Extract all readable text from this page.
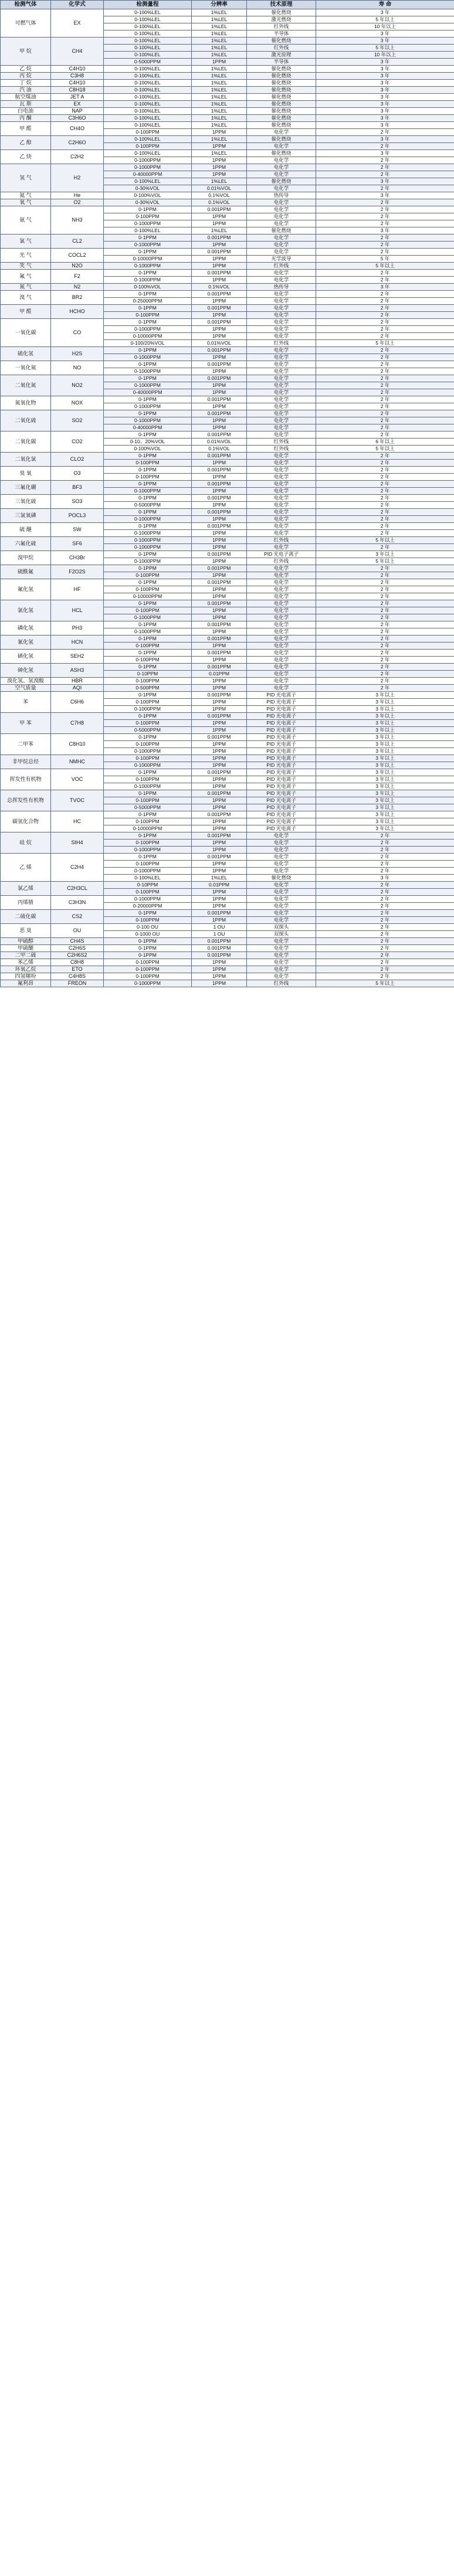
检测气体	化学式	检测量程	分辨率	技术原理	寿 命
可燃气体	EX	0-100%LEL	1%LEL	催化燃烧	3 年
		0-100%LEL	1%LEL	激光燃烧	5 年以上
		0-100%LEL	1%LEL	红外线	10 年以上
		0-100%LEL	1%LEL	半导体	3 年
甲 烷	CH4	0-100%LEL	1%LEL	催化燃烧	3 年
		0-100%LEL	1%LEL	红外线	5 年以上
		0-100%LEL	1%LEL	激光原理	10 年以上
		0-5000PPM	1PPM	半导体	3 年
乙 烷	C4H10	0-100%LEL	1%LEL	催化燃烧	3 年
丙 烷	C3H8	0-100%LEL	1%LEL	催化燃烧	3 年
丁 烷	C4H10	0-100%LEL	1%LEL	催化燃烧	3 年
汽 油	C8H18	0-100%LEL	1%LEL	催化燃烧	3 年
航空煤油	JET A	0-100%LEL	1%LEL	催化燃烧	3 年
瓦 斯	EX	0-100%LEL	1%LEL	催化燃烧	3 年
白电油	NAP	0-100%LEL	1%LEL	催化燃烧	3 年
丙 酮	C3H6O	0-100%LEL	1%LEL	催化燃烧	3 年
甲 醛	CH4O	0-100%LEL	1%LEL	催化燃烧	3 年
		0-100PPM	1PPM	电化学	2 年
乙 醇	C2H6O	0-100%LEL	1%LEL	催化燃烧	3 年
		0-100PPM	1PPM	电化学	2 年
乙 炔	C2H2	0-100%LEL	1%LEL	催化燃烧	3 年
		0-1000PPM	1PPM	电化学	2 年
氢 气	H2	0-1000PPM	1PPM	电化学	2 年
		0-40000PPM	1PPM	电化学	2 年
		0-100%LEL	1%LEL	催化燃烧	3 年
		0-30%VOL	0.01%VOL	电化学	2 年
氦 气	He	0-100%VOL	0.1%VOL	热传导	3 年
氧 气	O2	0-30%VOL	0.1%VOL	电化学	2 年
氨 气	NH3	0-1PPM	0.001PPM	电化学	2 年
		0-100PPM	1PPM	电化学	2 年
		0-1000PPM	1PPM	电化学	2 年
		0-100%LEL	1%LEL	催化燃烧	3 年
氯 气	CL2	0-1PPM	0.001PPM	电化学	2 年
		0-1000PPM	1PPM	电化学	2 年
光 气	COCL2	0-1PPM	0.001PPM	电化学	2 年
		0-10000PPM	1PPM	光学波导	5 年
笑 气	N2O	0-1000PPM	1PPM	红外线	5 年以上
氟 气	F2	0-1PPM	0.001PPM	电化学	2 年
		0-1000PPM	1PPM	电化学	2 年
氮 气	N2	0-100%VOL	0.1%VOL	热传导	3 年
溴 气	BR2	0-1PPM	0.001PPM	电化学	2 年
		0-25000PPM	1PPM	电化学	2 年
甲 醛	HCHO	0-1PPM	0.001PPM	电化学	2 年
		0-100PPM	1PPM	电化学	2 年
一氧化碳	CO	0-1PPM	0.001PPM	电化学	2 年
		0-1000PPM	1PPM	电化学	2 年
		0-10000PPM	1PPM	电化学	2 年
		0-100/20%VOL	0.01%VOL	红外线	5 年以上
硫化氢	H2S	0-1PPM	0.001PPM	电化学	2 年
		0-1000PPM	1PPM	电化学	2 年
一氧化氮	NO	0-1PPM	0.001PPM	电化学	2 年
		0-1000PPM	1PPM	电化学	2 年
二氧化氮	NO2	0-1PPM	0.001PPM	电化学	2 年
		0-1000PPM	1PPM	电化学	2 年
		0-40000PPM	1PPM	电化学	2 年
氮氧化物	NOX	0-1PPM	0.001PPM	电化学	2 年
		0-1000PPM	1PPM	电化学	2 年
二氧化硫	SO2	0-1PPM	0.001PPM	电化学	2 年
		0-1000PPM	1PPM	电化学	2 年
		0-40000PPM	1PPM	电化学	2 年
二氧化碳	CO2	0-1PPM	0.001PPM	电化学	2 年
		0-10、20%VOL	0.01%VOL	红外线	6 年以上
		0-100%VOL	0.1%VOL	红外线	5 年以上
二氧化氯	CLO2	0-1PPM	0.001PPM	电化学	2 年
		0-100PPM	1PPM	电化学	2 年
臭 氧	O3	0-1PPM	0.001PPM	电化学	2 年
		0-100PPM	1PPM	电化学	2 年
三氟化硼	BF3	0-1PPM	0.001PPM	电化学	2 年
		0-1000PPM	1PPM	电化学	2 年
三氧化硫	SO3	0-1PPM	0.001PPM	电化学	2 年
		0-5000PPM	1PPM	电化学	2 年
三氯氧磷	POCL3	0-1PPM	0.001PPM	电化学	2 年
		0-1000PPM	1PPM	电化学	2 年
硫 醚	SW	0-1PPM	0.001PPM	电化学	2 年
		0-1000PPM	1PPM	电化学	2 年
六氟化硫	SF6	0-1000PPM	1PPM	红外线	5 年以上
		0-1000PPM	1PPM	电化学	2 年
溴甲烷	CH3Br	0-1PPM	0.001PPM	PID 光电子离子	3 年以上
		0-1000PPM	1PPM	红外线	5 年以上
硫酰氟	F2O2S	0-1PPM	0.001PPM	电化学	2 年
		0-100PPM	1PPM	电化学	2 年
氟化氢	HF	0-1PPM	0.001PPM	电化学	2 年
		0-100PPM	1PPM	电化学	2 年
		0-10000PPM	1PPM	电化学	2 年
氯化氢	HCL	0-1PPM	0.001PPM	电化学	2 年
		0-100PPM	1PPM	电化学	2 年
		0-1000PPM	1PPM	电化学	2 年
磷化氢	PH3	0-1PPM	0.001PPM	电化学	2 年
		0-1000PPM	1PPM	电化学	2 年
氰化氢	HCN	0-1PPM	0.001PPM	电化学	2 年
		0-100PPM	1PPM	电化学	2 年
硒化氢	SEH2	0-1PPM	0.001PPM	电化学	2 年
		0-100PPM	1PPM	电化学	2 年
砷化氢	ASH3	0-1PPM	0.001PPM	电化学	2 年
		0-10PPM	0.01PPM	电化学	2 年
溴化氢、氢溴酸	HBR	0-100PPM	1PPM	电化学	2 年
空气质量	AQI	0-500PPM	1PPM	电化学	2 年
苯	C6H6	0-1PPM	0.001PPM	PID 光电离子	3 年以上
		0-100PPM	1PPM	PID 光电离子	3 年以上
		0-1000PPM	1PPM	PID 光电离子	3 年以上
甲 苯	C7H8	0-1PPM	0.001PPM	PID 光电离子	3 年以上
		0-100PPM	1PPM	PID 光电离子	3 年以上
		0-5000PPM	1PPM	PID 光电离子	3 年以上
二甲苯	C8H10	0-1PPM	0.001PPM	PID 光电离子	3 年以上
		0-100PPM	1PPM	PID 光电离子	3 年以上
		0-1000PPM	1PPM	PID 光电离子	3 年以上
非甲烷总烃	NMHC	0-100PPM	1PPM	PID 光电离子	3 年以上
		0-1000PPM	1PPM	PID 光电离子	3 年以上
挥发性有机物	VOC	0-1PPM	0.001PPM	PID 光电离子	3 年以上
		0-100PPM	1PPM	PID 光电离子	3 年以上
		0-1000PPM	1PPM	PID 光电离子	3 年以上
总挥发性有机物	TVOC	0-1PPM	0.001PPM	PID 光电离子	3 年以上
		0-100PPM	1PPM	PID 光电离子	3 年以上
		0-5000PPM	1PPM	PID 光电离子	3 年以上
碳氢化合物	HC	0-1PPM	0.001PPM	PID 光电离子	3 年以上
		0-100PPM	1PPM	PID 光电离子	3 年以上
		0-10000PPM	1PPM	PID 光电离子	3 年以上
硅 烷	SIH4	0-1PPM	0.001PPM	电化学	2 年
		0-100PPM	1PPM	电化学	2 年
		0-1000PPM	1PPM	电化学	2 年
乙 烯	C2H4	0-1PPM	0.001PPM	电化学	2 年
		0-100PPM	1PPM	电化学	2 年
		0-1000PPM	1PPM	电化学	2 年
		0-100%LEL	1%LEL	催化燃烧	3 年
氯乙烯	C2H3CL	0-10PPM	0.01PPM	电化学	2 年
		0-100PPM	1PPM	电化学	2 年
丙烯腈	C3H3N	0-1000PPM	1PPM	电化学	2 年
		0-20000PPM	1PPM	电化学	2 年
二硫化碳	CS2	0-1PPM	0.001PPM	电化学	2 年
		0-100PPM	1PPM	电化学	2 年
恶 臭	OU	0-100 OU	1 OU	双探头	2 年
		0-1000 OU	1 OU	双探头	2 年
甲硫醇	CH4S	0-1PPM	0.001PPM	电化学	2 年
甲硫醚	C2H6S	0-1PPM	0.001PPM	电化学	2 年
二甲二硫	C2H6S2	0-1PPM	0.001PPM	电化学	2 年
苯乙烯	C8H8	0-100PPM	1PPM	电化学	2 年
环氧乙烷	ETO	0-100PPM	1PPM	电化学	2 年
四氢噻吩	C4H8S	0-100PPM	1PPM	电化学	2 年
氟利昂	FREON	0-1000PPM	1PPM	红外线	5 年以上
